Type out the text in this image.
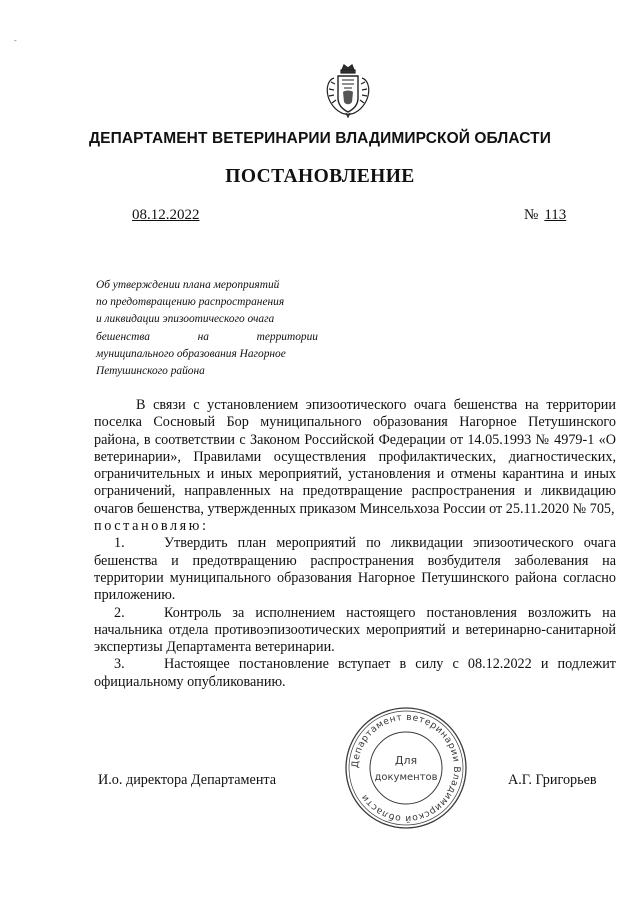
-
ДЕПАРТАМЕНТ ВЕТЕРИНАРИИ ВЛАДИМИРСКОЙ ОБЛАСТИ
ПОСТАНОВЛЕНИЕ
08.12.2022	№ 113
Об утверждении плана мероприятий
по предотвращению распространения
и ликвидации эпизоотического очага
бешенства на территории
муниципального образования Нагорное
Петушинского района

В связи с установлением эпизоотического очага бешенства на территории поселка Сосновый Бор муниципального образования Нагорное Петушинского района, в соответствии с Законом Российской Федерации от 14.05.1993 № 4979-1 «О ветеринарии», Правилами осуществления профилактических, диагностических, ограничительных и иных мероприятий, установления и отмены карантина и иных ограничений, направленных на предотвращение распространения и ликвидацию очагов бешенства, утвержденных приказом Минсельхоза России от 25.11.2020 № 705,

постановляю:

1.	Утвердить план мероприятий по ликвидации эпизоотического очага бешенства и предотвращению распространения возбудителя заболевания на территории муниципального образования Нагорное Петушинского района согласно приложению.

2.	Контроль за исполнением настоящего постановления возложить на начальника отдела противоэпизоотических мероприятий и ветеринарно-санитарной экспертизы Департамента ветеринарии.

3.	Настоящее постановление вступает в силу с 08.12.2022 и подлежит официальному опубликованию.

Департамент ветеринарии Владимирской области
Для
документов
И.о. директора Департамента	А.Г. Григорьев
